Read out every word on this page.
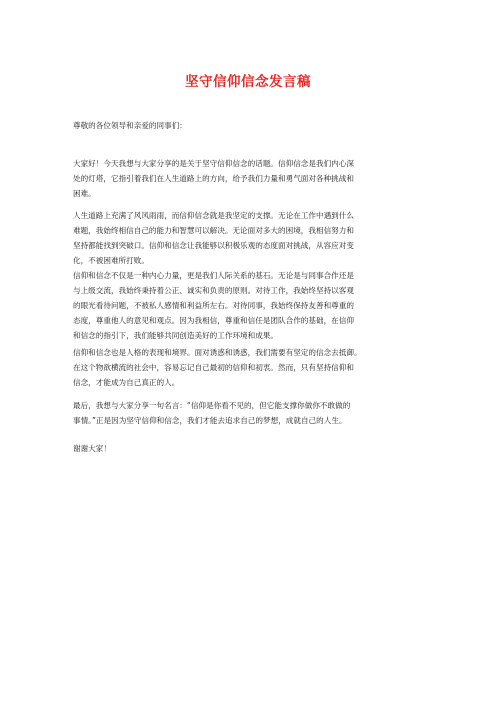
坚守信仰信念发言稿
尊敬的各位领导和亲爱的同事们：
大家好！今天我想与大家分享的是关于坚守信仰信念的话题。信仰信念是我们内心深
处的灯塔，它指引着我们在人生道路上的方向，给予我们力量和勇气面对各种挑战和
困难。
人生道路上充满了风风雨雨，而信仰信念就是我坚定的支撑。无论在工作中遇到什么
难题，我始终相信自己的能力和智慧可以解决。无论面对多大的困境，我相信努力和
坚持都能找到突破口。信仰和信念让我能够以积极乐观的态度面对挑战，从容应对变
化，不被困难所打败。
信仰和信念不仅是一种内心力量，更是我们人际关系的基石。无论是与同事合作还是
与上级交流，我始终秉持着公正、诚实和负责的原则。对待工作，我始终坚持以客观
的眼光看待问题，不被私人感情和利益所左右。对待同事，我始终保持友善和尊重的
态度，尊重他人的意见和观点。因为我相信，尊重和信任是团队合作的基础，在信仰
和信念的指引下，我们能够共同创造美好的工作环境和成果。
信仰和信念也是人格的表现和境界。面对诱惑和诱惑，我们需要有坚定的信念去抵御。
在这个物欲横流的社会中，容易忘记自己最初的信仰和初衷。然而，只有坚持信仰和
信念，才能成为自己真正的人。
最后，我想与大家分享一句名言：“信仰是你看不见的，但它能支撑你做你不敢做的
事情。”正是因为坚守信仰和信念，我们才能去追求自己的梦想，成就自己的人生。
谢谢大家！
